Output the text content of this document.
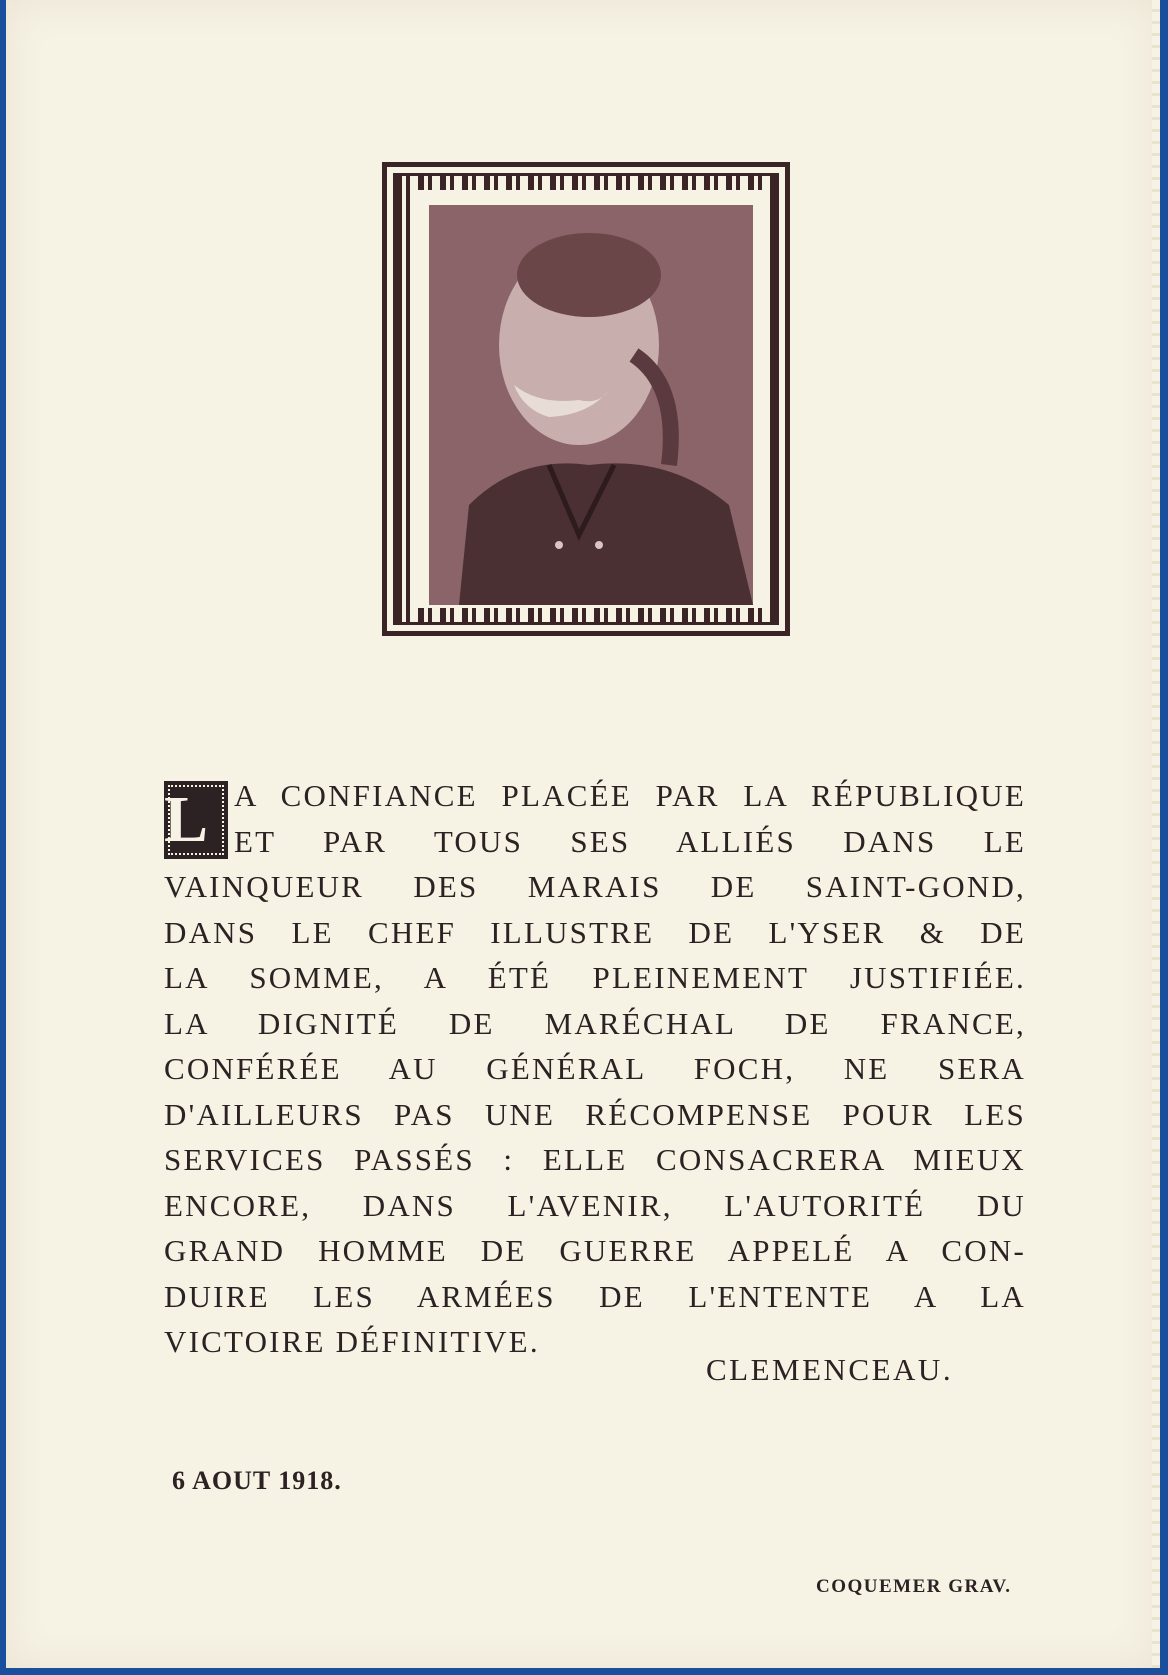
L A CONFIANCE PLACÉE PAR LA RÉPUBLIQUE
ET PAR TOUS SES ALLIÉS DANS LE
VAINQUEUR DES MARAIS DE SAINT-GOND,
DANS LE CHEF ILLUSTRE DE L'YSER & DE
LA SOMME, A ÉTÉ PLEINEMENT JUSTIFIÉE.
LA DIGNITÉ DE MARÉCHAL DE FRANCE,
CONFÉRÉE AU GÉNÉRAL FOCH, NE SERA
D'AILLEURS PAS UNE RÉCOMPENSE POUR LES
SERVICES PASSÉS : ELLE CONSACRERA MIEUX
ENCORE, DANS L'AVENIR, L'AUTORITÉ DU
GRAND HOMME DE GUERRE APPELÉ A CON-
DUIRE LES ARMÉES DE L'ENTENTE A LA
VICTOIRE DÉFINITIVE.
CLEMENCEAU.
6 AOUT 1918.
COQUEMER GRAV.
